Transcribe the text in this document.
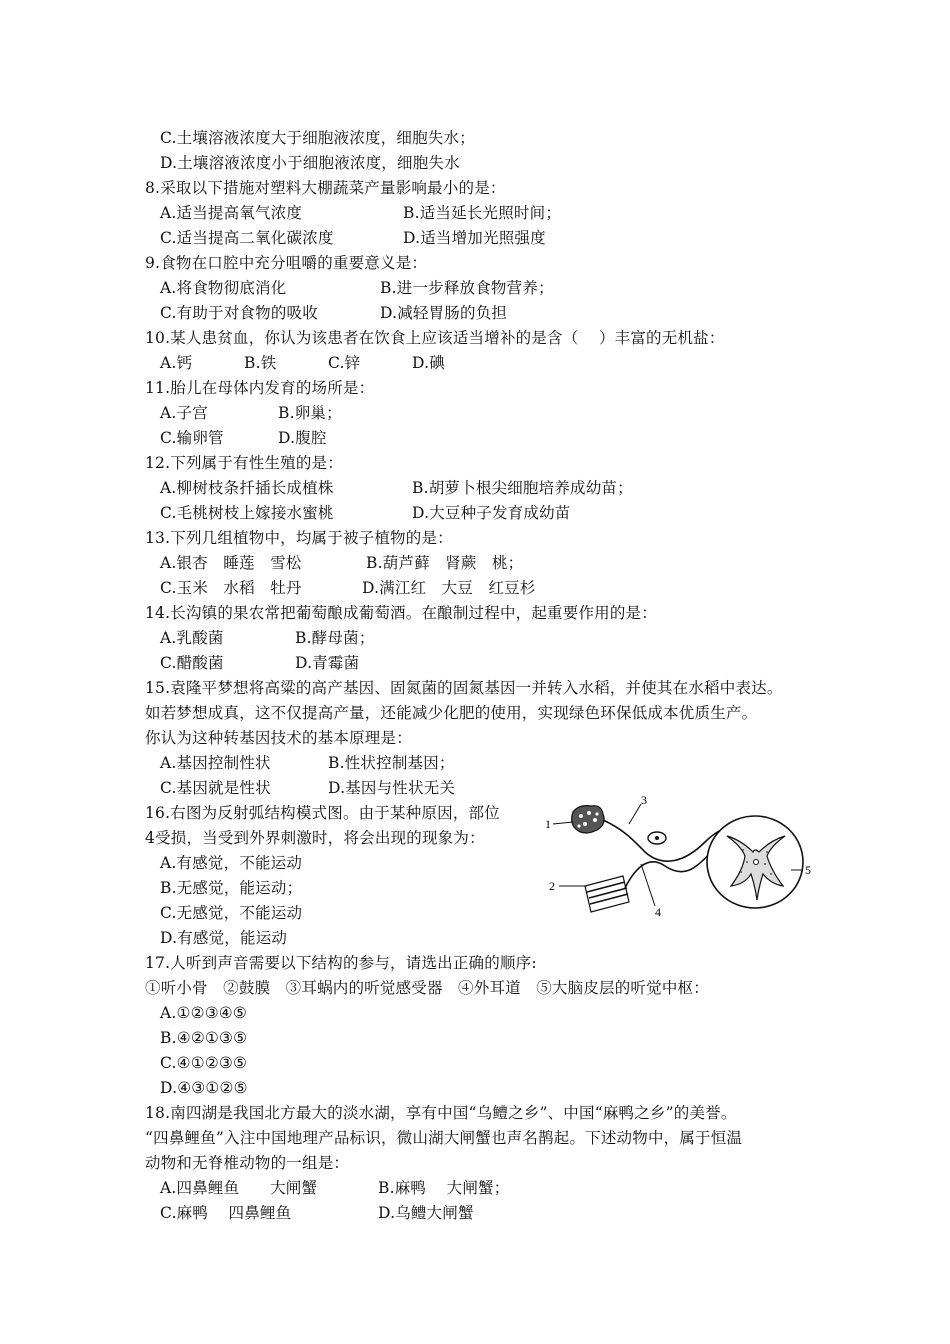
C.土壤溶液浓度大于细胞液浓度，细胞失水；
D.土壤溶液浓度小于细胞液浓度，细胞失水
8.采取以下措施对塑料大棚蔬菜产量影响最小的是：
A.适当提高氧气浓度	B.适当延长光照时间；
C.适当提高二氧化碳浓度	D.适当增加光照强度
9.食物在口腔中充分咀嚼的重要意义是：
A.将食物彻底消化	B.进一步释放食物营养；
C.有助于对食物的吸收	D.减轻胃肠的负担
10.某人患贫血，你认为该患者在饮食上应该适当增补的是含（    ）丰富的无机盐：
A.钙	B.铁	C.锌	D.碘
11.胎儿在母体内发育的场所是：
A.子宫	B.卵巢；
C.输卵管	D.腹腔
12.下列属于有性生殖的是：
A.柳树枝条扦插长成植株	B.胡萝卜根尖细胞培养成幼苗；
C.毛桃树枝上嫁接水蜜桃	D.大豆种子发育成幼苗
13.下列几组植物中，均属于被子植物的是：
A.银杏   睡莲   雪松	B.葫芦藓   肾蕨   桃；
C.玉米   水稻   牡丹	D.满江红   大豆   红豆杉
14.长沟镇的果农常把葡萄酿成葡萄酒。在酿制过程中，起重要作用的是：
A.乳酸菌	B.酵母菌；
C.醋酸菌	D.青霉菌
15.袁隆平梦想将高粱的高产基因、固氮菌的固氮基因一并转入水稻，并使其在水稻中表达。
如若梦想成真，这不仅提高产量，还能减少化肥的使用，实现绿色环保低成本优质生产。
你认为这种转基因技术的基本原理是：
A.基因控制性状	B.性状控制基因；
C.基因就是性状	D.基因与性状无关
16.右图为反射弧结构模式图。由于某种原因，部位
4受损，当受到外界刺激时，将会出现的现象为：
A.有感觉，不能运动
B.无感觉，能运动；
C.无感觉，不能运动
D.有感觉，能运动
1
2
3
4
5
17.人听到声音需要以下结构的参与，请选出正确的顺序:
①听小骨   ②鼓膜   ③耳蜗内的听觉感受器   ④外耳道   ⑤大脑皮层的听觉中枢：
A.①②③④⑤
B.④②①③⑤
C.④①②③⑤
D.④③①②⑤
18.南四湖是我国北方最大的淡水湖，享有中国“乌鳢之乡”、中国“麻鸭之乡”的美誉。
“四鼻鲤鱼”入注中国地理产品标识，微山湖大闸蟹也声名鹊起。下述动物中，属于恒温
动物和无脊椎动物的一组是：
A.四鼻鲤鱼      大闸蟹	B.麻鸭    大闸蟹；
C.麻鸭    四鼻鲤鱼	D.乌鳢大闸蟹
